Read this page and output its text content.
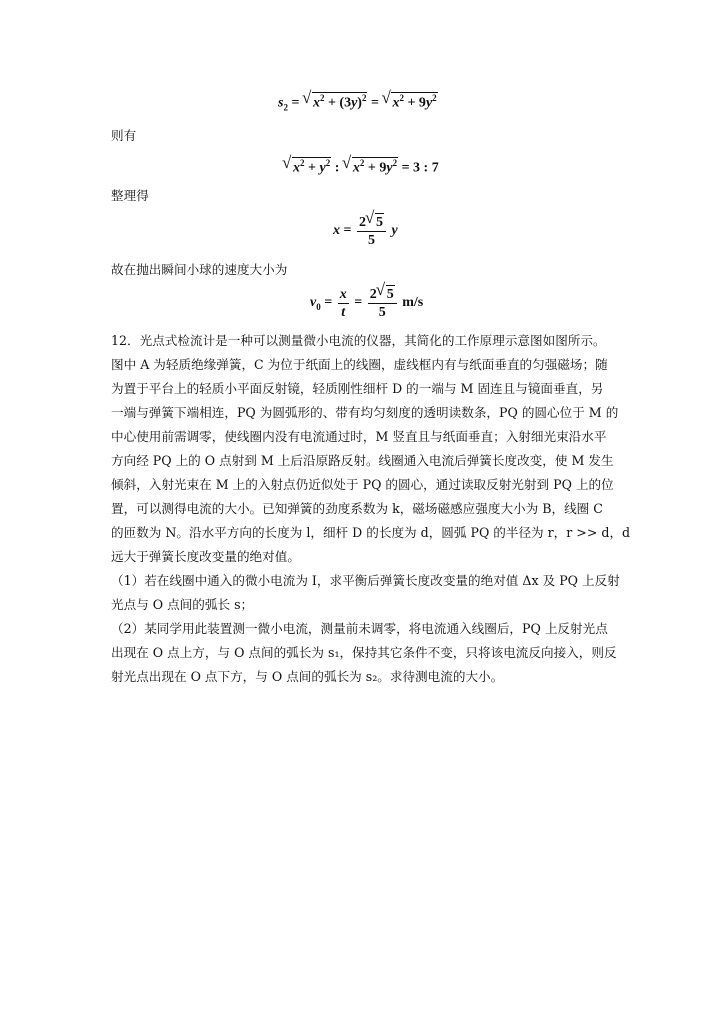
$s_2$ = √ $x^2 + (3y)^2$ = √ $x^2 + 9y^2$
则有
√ $x^2 + y^2$ : √ $x^2 + 9y^2 = 3$ : 7
整理得
$x = \frac{2 √ 5}{5}$ y
故在抛出瞬间小球的速度大小为
$v_0 = \frac{x}{t} = \frac{2 √ 5}{5} m/s$
12．光点式检流计是一种可以测量微小电流的仪器，其简化的工作原理示意图如图所示。
图中 A 为轻质绝缘弹簧，C 为位于纸面上的线圈，虚线框内有与纸面垂直的匀强磁场；随
为置于平台上的轻质小平面反射镜，轻质刚性细杆 D 的一端与 M 固连且与镜面垂直，另
一端与弹簧下端相连，PQ 为圆弧形的、带有均匀刻度的透明读数条，PQ 的圆心位于 M 的
中心使用前需调零，使线圈内没有电流通过时，M 竖直且与纸面垂直；入射细光束沿水平
方向经 PQ 上的 O 点射到 M 上后沿原路反射。线圈通入电流后弹簧长度改变，使 M 发生
倾斜，入射光束在 M 上的入射点仍近似处于 PQ 的圆心，通过读取反射光射到 PQ 上的位
置，可以测得电流的大小。已知弹簧的劲度系数为 k，磁场磁感应强度大小为 B，线圈 C
的匝数为 N。沿水平方向的长度为 l，细杆 D 的长度为 d，圆弧 PQ 的半径为 r，r >> d，d
远大于弹簧长度改变量的绝对值。
（1）若在线圈中通入的微小电流为 I，求平衡后弹簧长度改变量的绝对值 Δx 及 PQ 上反射
光点与 O 点间的弧长 s；
（2）某同学用此装置测一微小电流，测量前未调零，将电流通入线圈后，PQ 上反射光点
出现在 O 点上方，与 O 点间的弧长为 s₁，保持其它条件不变，只将该电流反向接入，则反
射光点出现在 O 点下方，与 O 点间的弧长为 s₂。求待测电流的大小。
